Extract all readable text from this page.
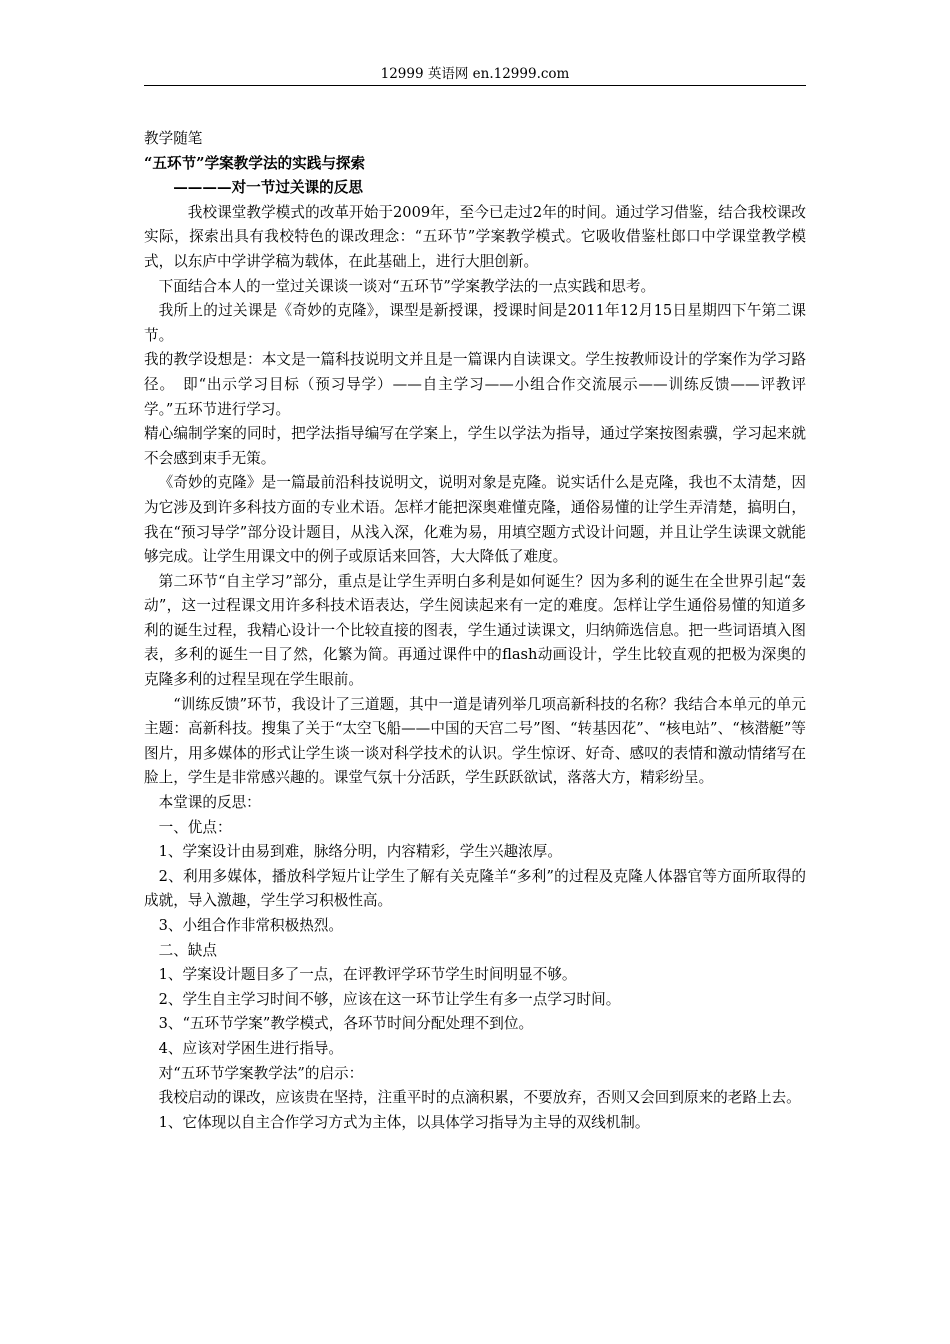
12999 英语网 en.12999.com

教学随笔

“五环节”学案教学法的实践与探索

————对一节过关课的反思

我校课堂教学模式的改革开始于2009年，至今已走过2年的时间。通过学习借鉴，结合我校课改实际，探索出具有我校特色的课改理念：“五环节”学案教学模式。它吸收借鉴杜郎口中学课堂教学模式，以东庐中学讲学稿为载体，在此基础上，进行大胆创新。

下面结合本人的一堂过关课谈一谈对“五环节”学案教学法的一点实践和思考。

我所上的过关课是《奇妙的克隆》，课型是新授课，授课时间是2011年12月15日星期四下午第二课节。

我的教学设想是：本文是一篇科技说明文并且是一篇课内自读课文。学生按教师设计的学案作为学习路径。　即“出示学习目标（预习导学）——自主学习——小组合作交流展示——训练反馈——评教评学。”五环节进行学习。

精心编制学案的同时，把学法指导编写在学案上，学生以学法为指导，通过学案按图索骥，学习起来就不会感到束手无策。

《奇妙的克隆》是一篇最前沿科技说明文，说明对象是克隆。说实话什么是克隆，我也不太清楚，因为它涉及到许多科技方面的专业术语。怎样才能把深奥难懂克隆，通俗易懂的让学生弄清楚，搞明白，我在“预习导学”部分设计题目，从浅入深，化难为易，用填空题方式设计问题，并且让学生读课文就能够完成。让学生用课文中的例子或原话来回答，大大降低了难度。

第二环节“自主学习”部分，重点是让学生弄明白多利是如何诞生？因为多利的诞生在全世界引起“轰动”，这一过程课文用许多科技术语表达，学生阅读起来有一定的难度。怎样让学生通俗易懂的知道多利的诞生过程，我精心设计一个比较直接的图表，学生通过读课文，归纳筛选信息。把一些词语填入图表，多利的诞生一目了然，化繁为简。再通过课件中的flash动画设计，学生比较直观的把极为深奥的克隆多利的过程呈现在学生眼前。

“训练反馈”环节，我设计了三道题，其中一道是请列举几项高新科技的名称？我结合本单元的单元主题：高新科技。搜集了关于“太空飞船——中国的天宫二号”图、“转基因花”、“核电站”、“核潜艇”等图片，用多媒体的形式让学生谈一谈对科学技术的认识。学生惊讶、好奇、感叹的表情和激动情绪写在脸上，学生是非常感兴趣的。课堂气氛十分活跃，学生跃跃欲试，落落大方，精彩纷呈。

本堂课的反思：

一、优点：

1、学案设计由易到难，脉络分明，内容精彩，学生兴趣浓厚。

2、利用多媒体，播放科学短片让学生了解有关克隆羊“多利”的过程及克隆人体器官等方面所取得的成就，导入激趣，学生学习积极性高。

3、小组合作非常积极热烈。

二、缺点

1、学案设计题目多了一点，在评教评学环节学生时间明显不够。

2、学生自主学习时间不够，应该在这一环节让学生有多一点学习时间。

3、“五环节学案”教学模式，各环节时间分配处理不到位。

4、应该对学困生进行指导。

对“五环节学案教学法”的启示：

我校启动的课改，应该贵在坚持，注重平时的点滴积累，不要放弃，否则又会回到原来的老路上去。

1、它体现以自主合作学习方式为主体，以具体学习指导为主导的双线机制。
